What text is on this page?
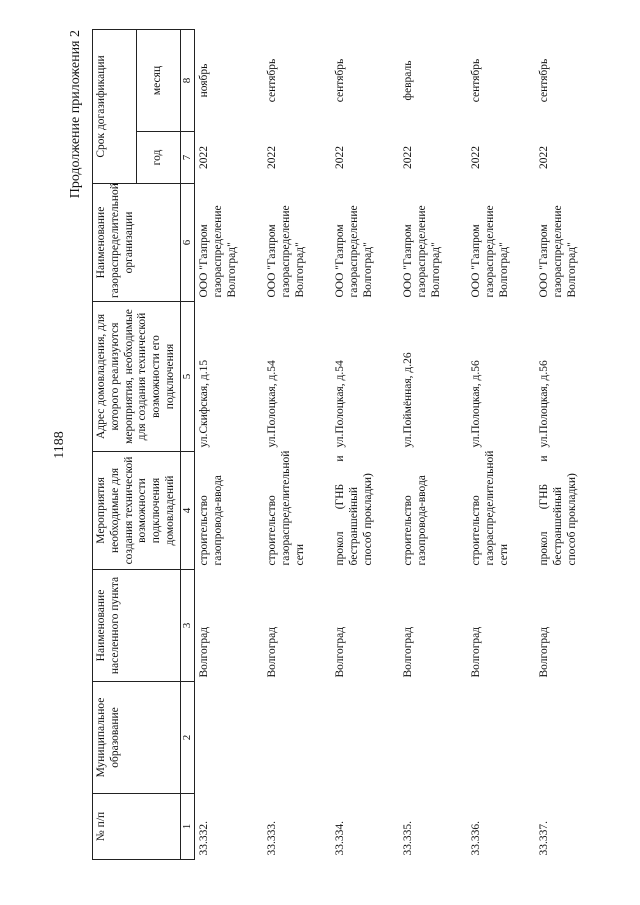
1188
Продолжение приложения 2
№ п/п	Муниципальное образование	Наименование населенного пункта	Мероприятия необходимые для создания технической возможности подключения домовладений	Адрес домовладения, для которого реализуются мероприятия, необходимые для создания технической возможности его подключения	Наименование газораспределительной организации	Срок догазификации	
						год	месяц
1	2	3	4	5	6	7	8
33.332.		Волгоград	строительство газопровода-ввода	ул.Скифская, д.15	ООО "Газпром газораспределение Волгоград"	2022	ноябрь
33.333.		Волгоград	строительство газораспределительной сети	ул.Полоцкая, д.54	ООО "Газпром газораспределение Волгоград"	2022	сентябрь
33.334.		Волгоград	прокол (ГНБ и бестраншейный способ прокладки)	ул.Полоцкая, д.54	ООО "Газпром газораспределение Волгоград"	2022	сентябрь
33.335.		Волгоград	строительство газопровода-ввода	ул.Поймённая, д.26	ООО "Газпром газораспределение Волгоград"	2022	февраль
33.336.		Волгоград	строительство газораспределительной сети	ул.Полоцкая, д.56	ООО "Газпром газораспределение Волгоград"	2022	сентябрь
33.337.		Волгоград	прокол (ГНБ и бестраншейный способ прокладки)	ул.Полоцкая, д.56	ООО "Газпром газораспределение Волгоград"	2022	сентябрь
